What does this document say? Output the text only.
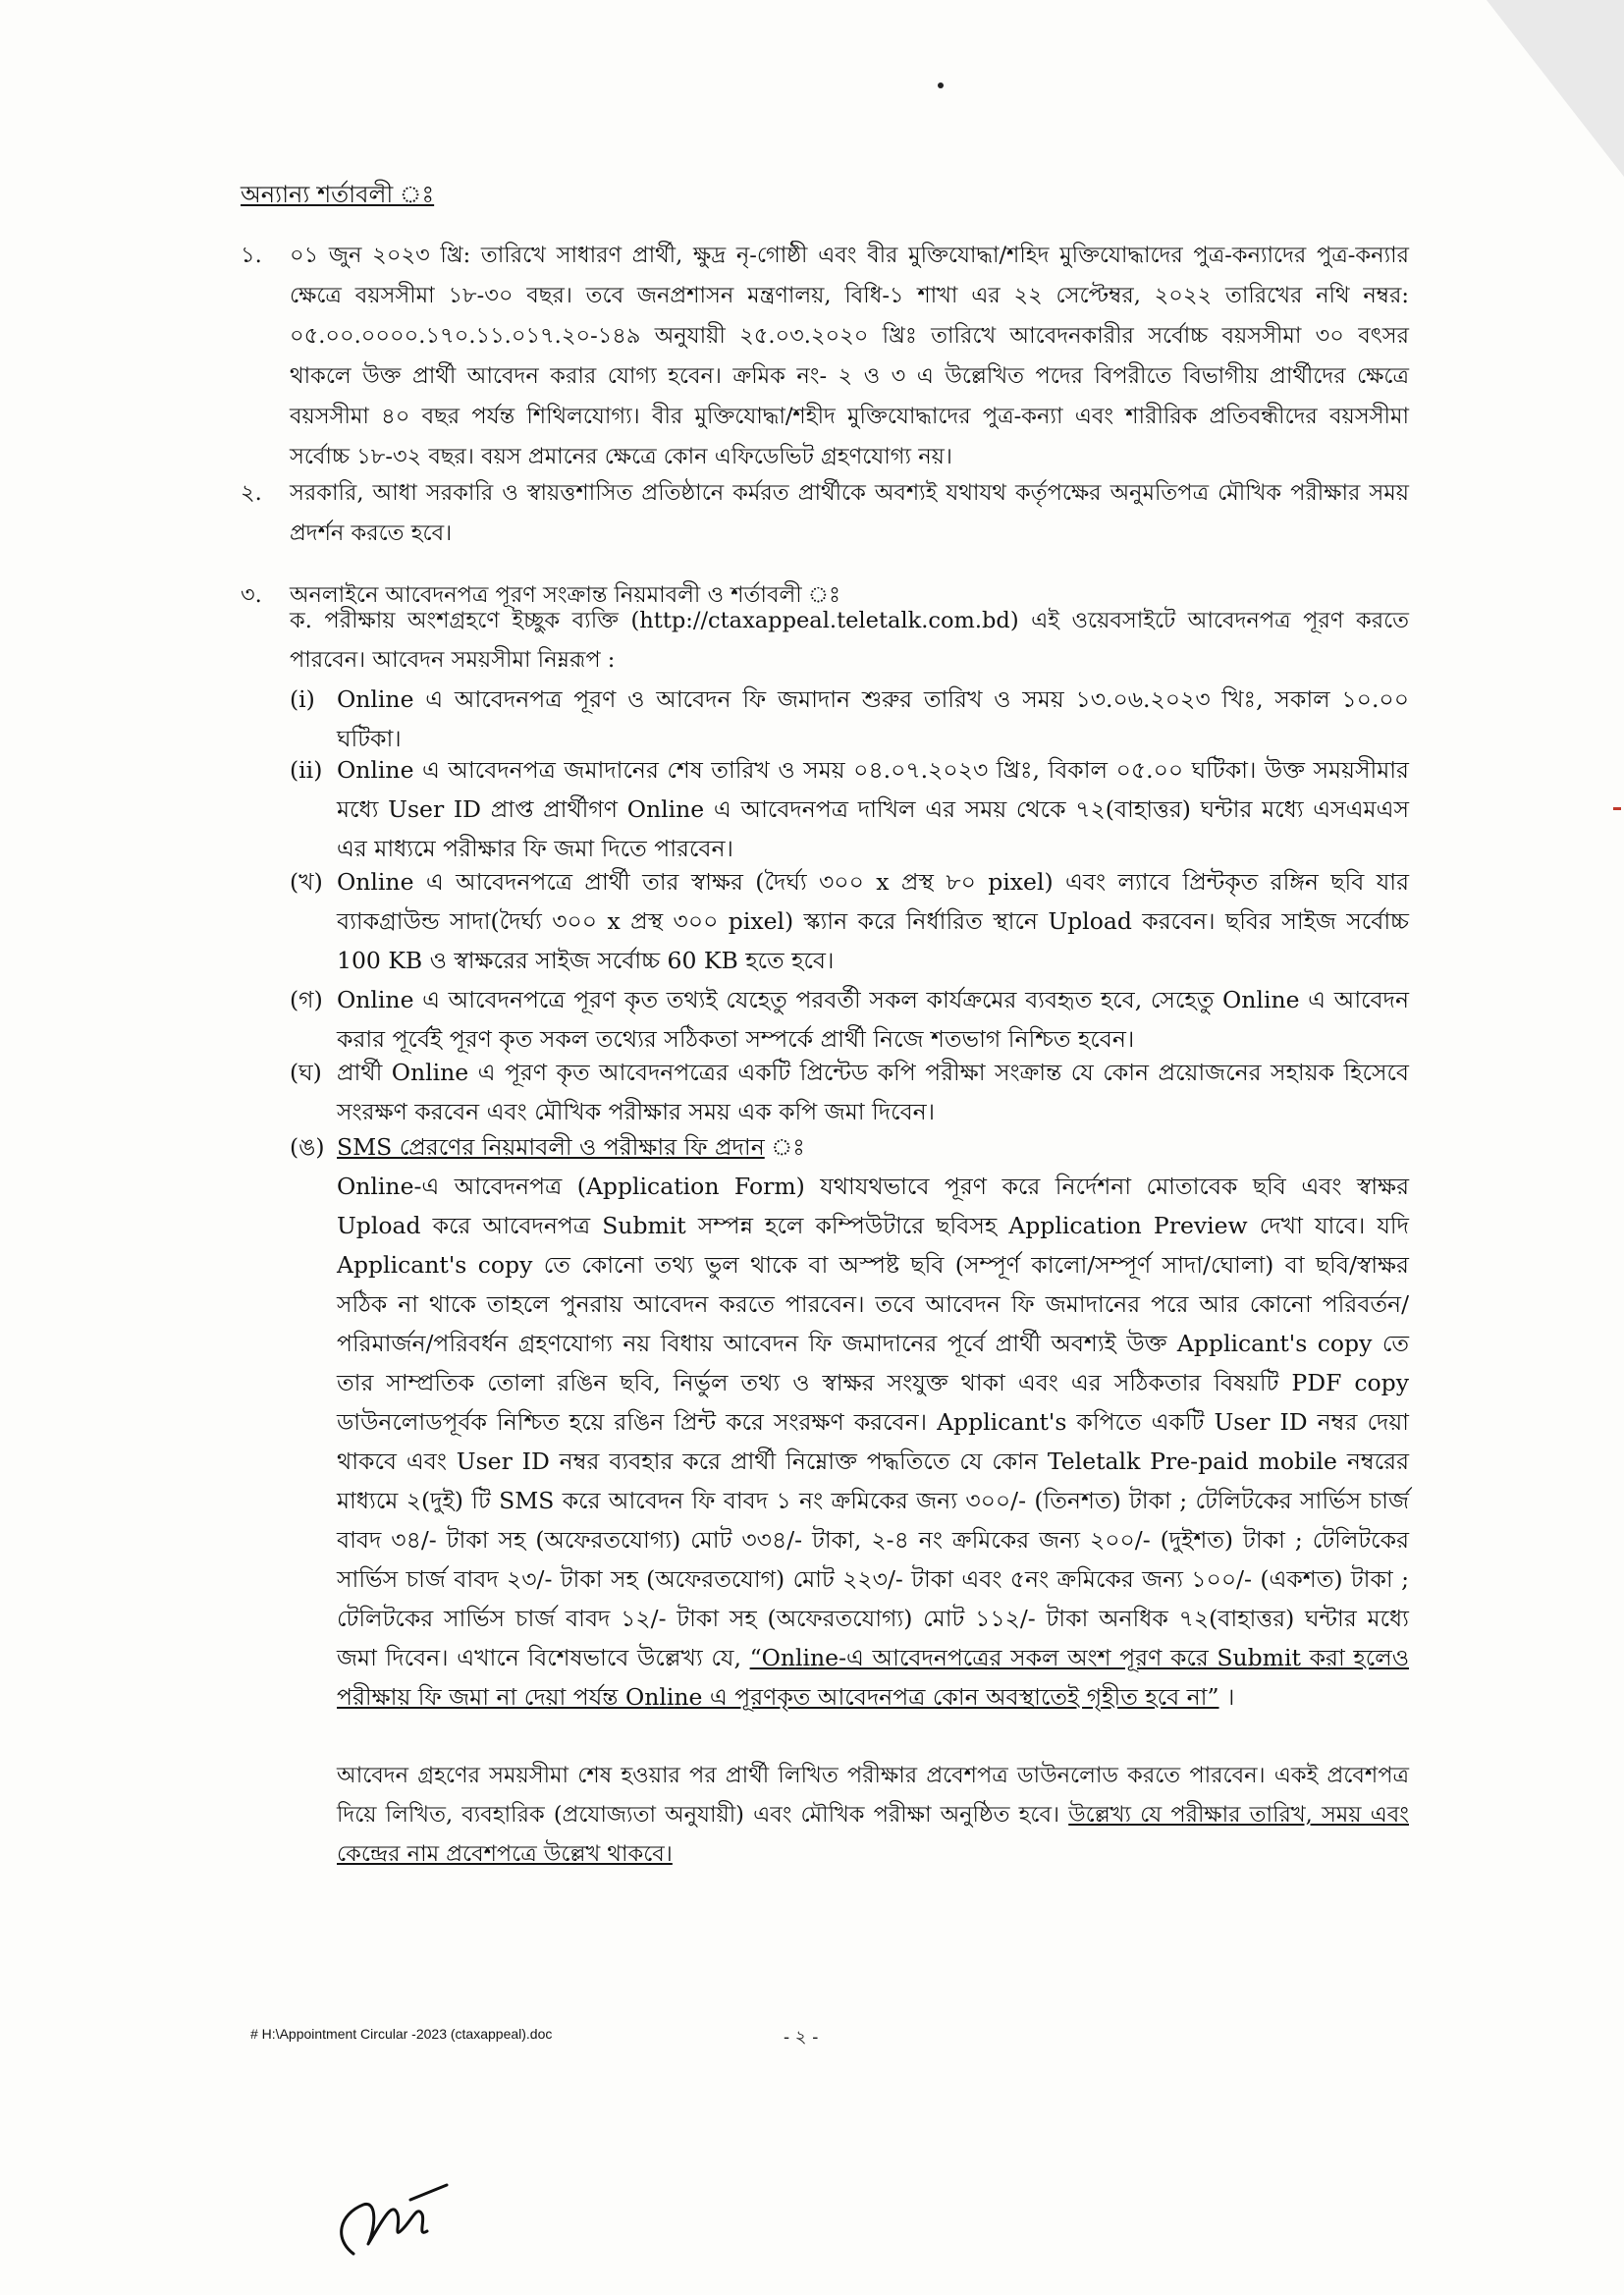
অন্যান্য শর্তাবলী ঃ
১.	০১ জুন ২০২৩ খ্রি: তারিখে সাধারণ প্রার্থী, ক্ষুদ্র নৃ-গোষ্ঠী এবং বীর মুক্তিযোদ্ধা/শহিদ মুক্তিযোদ্ধাদের পুত্র-কন্যাদের পুত্র-কন্যার ক্ষেত্রে বয়সসীমা ১৮-৩০ বছর। তবে জনপ্রশাসন মন্ত্রণালয়, বিধি-১ শাখা এর ২২ সেপ্টেম্বর, ২০২২ তারিখের নথি নম্বর: ০৫.০০.০০০০.১৭০.১১.০১৭.২০-১৪৯ অনুযায়ী ২৫.০৩.২০২০ খ্রিঃ তারিখে আবেদনকারীর সর্বোচ্চ বয়সসীমা ৩০ বৎসর থাকলে উক্ত প্রার্থী আবেদন করার যোগ্য হবেন। ক্রমিক নং- ২ ও ৩ এ উল্লেখিত পদের বিপরীতে বিভাগীয় প্রার্থীদের ক্ষেত্রে বয়সসীমা ৪০ বছর পর্যন্ত শিথিলযোগ্য। বীর মুক্তিযোদ্ধা/শহীদ মুক্তিযোদ্ধাদের পুত্র-কন্যা এবং শারীরিক প্রতিবন্ধীদের বয়সসীমা সর্বোচ্চ ১৮-৩২ বছর। বয়স প্রমানের ক্ষেত্রে কোন এফিডেভিট গ্রহণযোগ্য নয়।
২.	সরকারি, আধা সরকারি ও স্বায়ত্তশাসিত প্রতিষ্ঠানে কর্মরত প্রার্থীকে অবশ্যই যথাযথ কর্তৃপক্ষের অনুমতিপত্র মৌখিক পরীক্ষার সময় প্রদর্শন করতে হবে।
৩.	অনলাইনে আবেদনপত্র পূরণ সংক্রান্ত নিয়মাবলী ও শর্তাবলী ঃ
ক. পরীক্ষায় অংশগ্রহণে ইচ্ছুক ব্যক্তি (http://ctaxappeal.teletalk.com.bd) এই ওয়েবসাইটে আবেদনপত্র পূরণ করতে পারবেন। আবেদন সময়সীমা নিম্নরূপ :
(i) Online এ আবেদনপত্র পূরণ ও আবেদন ফি জমাদান শুরুর তারিখ ও সময় ১৩.০৬.২০২৩ খিঃ, সকাল ১০.০০ ঘটিকা।
(ii) Online এ আবেদনপত্র জমাদানের শেষ তারিখ ও সময় ০৪.০৭.২০২৩ খ্রিঃ, বিকাল ০৫.০০ ঘটিকা। উক্ত সময়সীমার মধ্যে User ID প্রাপ্ত প্রার্থীগণ Online এ আবেদনপত্র দাখিল এর সময় থেকে ৭২(বাহাত্তর) ঘন্টার মধ্যে এসএমএস এর মাধ্যমে পরীক্ষার ফি জমা দিতে পারবেন।
(খ) Online এ আবেদনপত্রে প্রার্থী তার স্বাক্ষর (দৈর্ঘ্য ৩০০ x প্রস্থ ৮০ pixel) এবং ল্যাবে প্রিন্টকৃত রঙ্গিন ছবি যার ব্যাকগ্রাউন্ড সাদা(দৈর্ঘ্য ৩০০ x প্রস্থ ৩০০ pixel) স্ক্যান করে নির্ধারিত স্থানে Upload করবেন। ছবির সাইজ সর্বোচ্চ 100 KB ও স্বাক্ষরের সাইজ সর্বোচ্চ 60 KB হতে হবে।
(গ) Online এ আবেদনপত্রে পূরণ কৃত তথ্যই যেহেতু পরবর্তী সকল কার্যক্রমের ব্যবহৃত হবে, সেহেতু Online এ আবেদন করার পূর্বেই পূরণ কৃত সকল তথ্যের সঠিকতা সম্পর্কে প্রার্থী নিজে শতভাগ নিশ্চিত হবেন।
(ঘ) প্রার্থী Online এ পূরণ কৃত আবেদনপত্রের একটি প্রিন্টেড কপি পরীক্ষা সংক্রান্ত যে কোন প্রয়োজনের সহায়ক হিসেবে সংরক্ষণ করবেন এবং মৌখিক পরীক্ষার সময় এক কপি জমা দিবেন।
(ঙ) SMS প্রেরণের নিয়মাবলী ও পরীক্ষার ফি প্রদান ঃ
Online-এ আবেদনপত্র (Application Form) যথাযথভাবে পূরণ করে নির্দেশনা মোতাবেক ছবি এবং স্বাক্ষর Upload করে আবেদনপত্র Submit সম্পন্ন হলে কম্পিউটারে ছবিসহ Application Preview দেখা যাবে। যদি Applicant's copy তে কোনো তথ্য ভুল থাকে বা অস্পষ্ট ছবি (সম্পূর্ণ কালো/সম্পূর্ণ সাদা/ঘোলা) বা ছবি/স্বাক্ষর সঠিক না থাকে তাহলে পুনরায় আবেদন করতে পারবেন। তবে আবেদন ফি জমাদানের পরে আর কোনো পরিবর্তন/পরিমার্জন/পরিবর্ধন গ্রহণযোগ্য নয় বিধায় আবেদন ফি জমাদানের পূর্বে প্রার্থী অবশ্যই উক্ত Applicant's copy তে তার সাম্প্রতিক তোলা রঙিন ছবি, নির্ভুল তথ্য ও স্বাক্ষর সংযুক্ত থাকা এবং এর সঠিকতার বিষয়টি PDF copy ডাউনলোডপূর্বক নিশ্চিত হয়ে রঙিন প্রিন্ট করে সংরক্ষণ করবেন। Applicant's কপিতে একটি User ID নম্বর দেয়া থাকবে এবং User ID নম্বর ব্যবহার করে প্রার্থী নিম্নোক্ত পদ্ধতিতে যে কোন Teletalk Pre-paid mobile নম্বরের মাধ্যমে ২(দুই) টি SMS করে আবেদন ফি বাবদ ১ নং ক্রমিকের জন্য ৩০০/- (তিনশত) টাকা ; টেলিটকের সার্ভিস চার্জ বাবদ ৩৪/- টাকা সহ (অফেরতযোগ্য) মোট ৩৩৪/- টাকা, ২-৪ নং ক্রমিকের জন্য ২০০/- (দুইশত) টাকা ; টেলিটকের সার্ভিস চার্জ বাবদ ২৩/- টাকা সহ (অফেরতযোগ) মোট ২২৩/- টাকা এবং ৫নং ক্রমিকের জন্য ১০০/- (একশত) টাকা ; টেলিটকের সার্ভিস চার্জ বাবদ ১২/- টাকা সহ (অফেরতযোগ্য) মোট ১১২/- টাকা অনধিক ৭২(বাহাত্তর) ঘন্টার মধ্যে জমা দিবেন। এখানে বিশেষভাবে উল্লেখ্য যে, “Online-এ আবেদনপত্রের সকল অংশ পূরণ করে Submit করা হলেও পরীক্ষায় ফি জমা না দেয়া পর্যন্ত Online এ পূরণকৃত আবেদনপত্র কোন অবস্থাতেই গৃহীত হবে না” ।
আবেদন গ্রহণের সময়সীমা শেষ হওয়ার পর প্রার্থী লিখিত পরীক্ষার প্রবেশপত্র ডাউনলোড করতে পারবেন। একই প্রবেশপত্র দিয়ে লিখিত, ব্যবহারিক (প্রযোজ্যতা অনুযায়ী) এবং মৌখিক পরীক্ষা অনুষ্ঠিত হবে। উল্লেখ্য যে পরীক্ষার তারিখ, সময় এবং কেন্দ্রের নাম প্রবেশপত্রে উল্লেখ থাকবে।
# H:\Appointment Circular -2023 (ctaxappeal).doc	- ২ -
